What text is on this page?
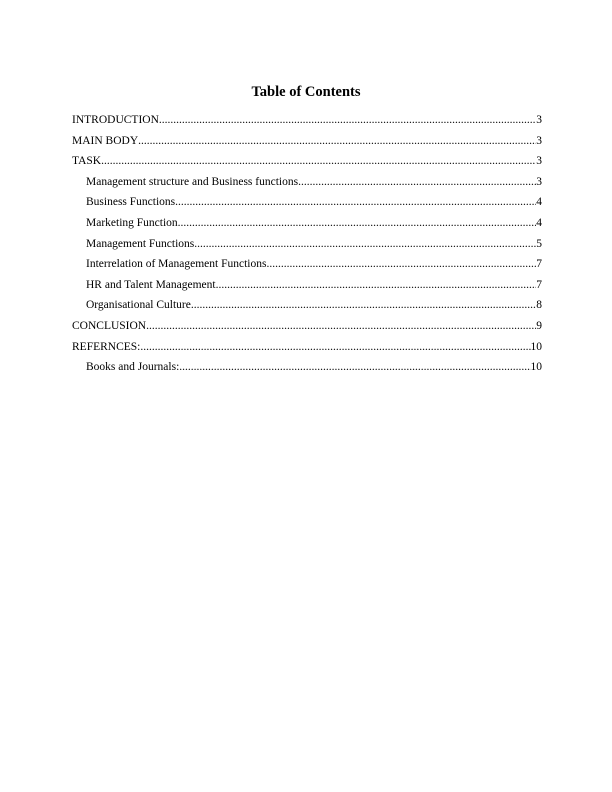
Table of Contents
INTRODUCTION .....	3
MAIN BODY .....	3
TASK .....	3
Management structure and Business functions .....	3
Business Functions .....	4
Marketing Function .....	4
Management Functions .....	5
Interrelation of Management Functions .....	7
HR and Talent Management .....	7
Organisational Culture .....	8
CONCLUSION .....	9
REFERNCES: .....	10
Books and Journals: .....	10
